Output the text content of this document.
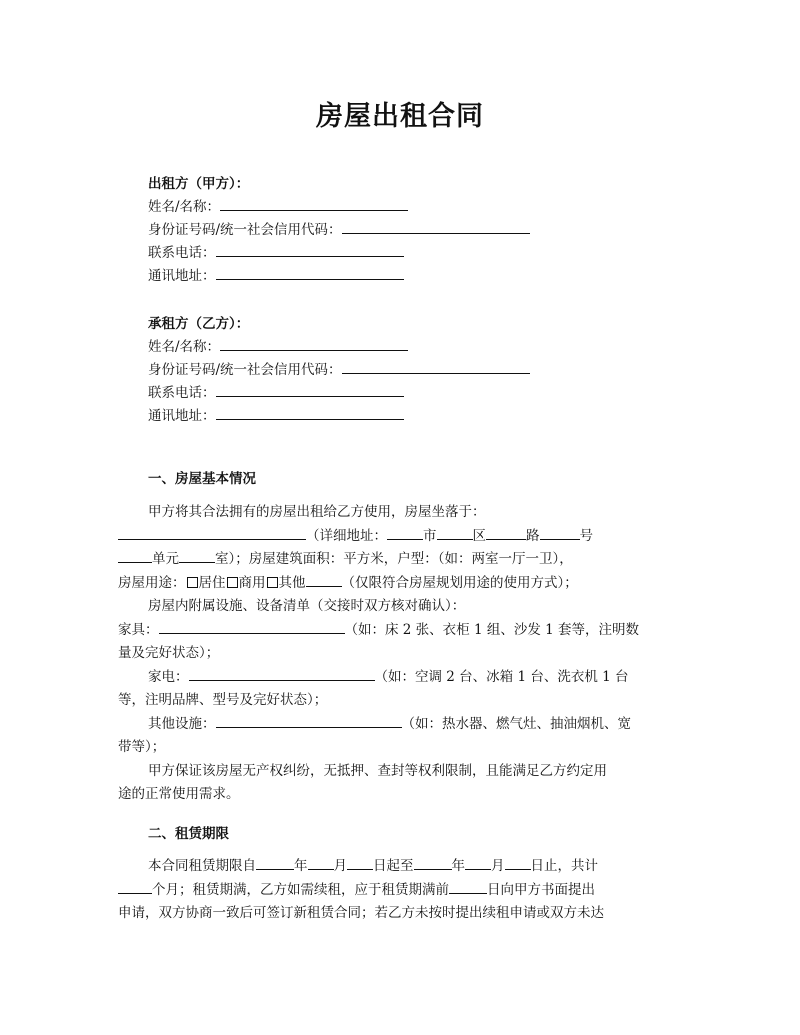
房屋出租合同
出租方（甲方）：
姓名/名称：
身份证号码/统一社会信用代码：
联系电话：
通讯地址：
承租方（乙方）：
姓名/名称：
身份证号码/统一社会信用代码：
联系电话：
通讯地址：
一、房屋基本情况

甲方将其合法拥有的房屋出租给乙方使用，房屋坐落于：

（详细地址：	市	区	路	号

单元	室）；房屋建筑面积：平方米，户型：（如：两室一厅一卫），

房屋用途： 居住 商用 其他	（仅限符合房屋规划用途的使用方式）；

房屋内附属设施、设备清单（交接时双方核对确认）：

家具：	（如：床 2 张、衣柜 1 组、沙发 1 套等，注明数

量及完好状态）；

家电：	（如：空调 2 台、冰箱 1 台、洗衣机 1 台

等，注明品牌、型号及完好状态）；

其他设施：	（如：热水器、燃气灶、抽油烟机、宽

带等）；

甲方保证该房屋无产权纠纷，无抵押、查封等权利限制，且能满足乙方约定用

途的正常使用需求。

二、租赁期限

本合同租赁期限自	年 月 日起至	年 月 日止，共计

个月；租赁期满，乙方如需续租，应于租赁期满前	日向甲方书面提出

申请，双方协商一致后可签订新租赁合同；若乙方未按时提出续租申请或双方未达
